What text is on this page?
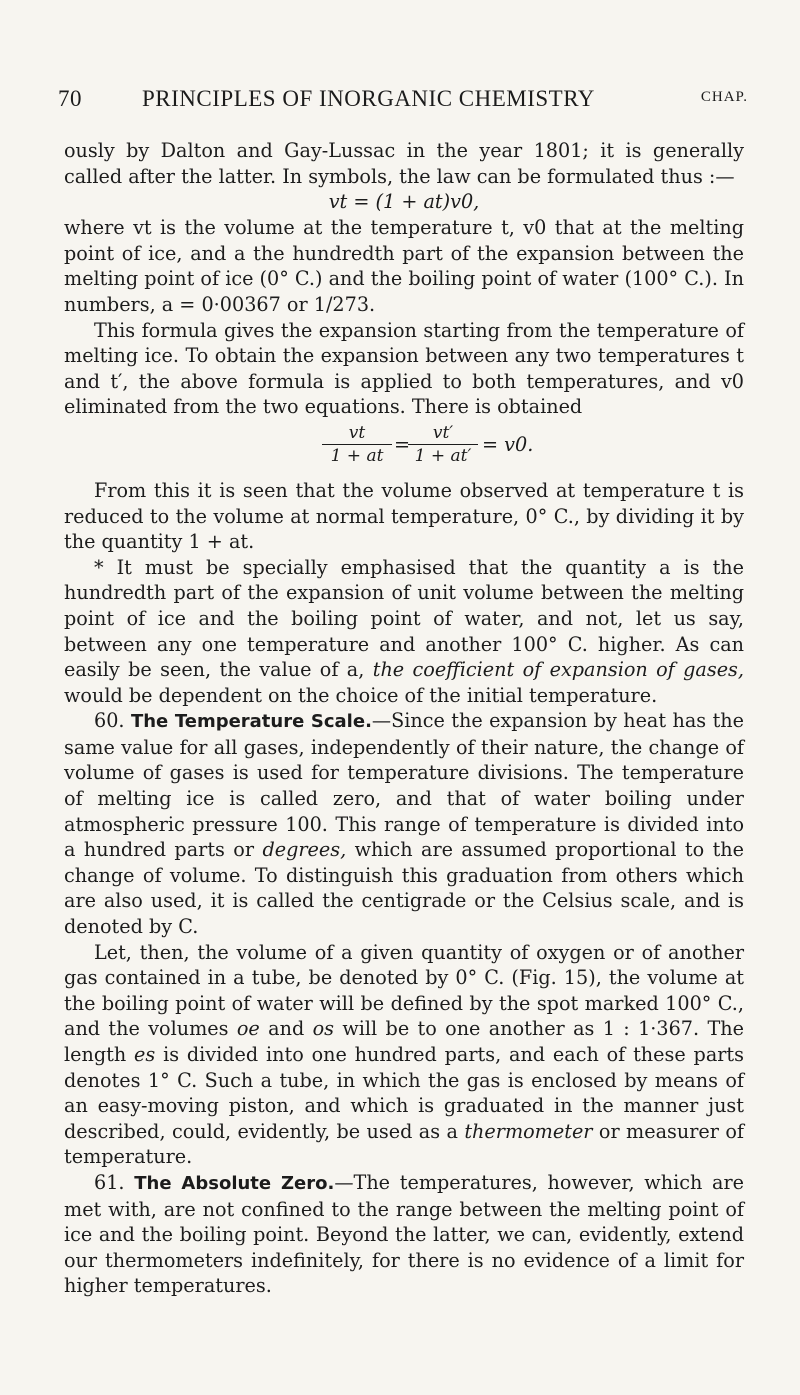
70	PRINCIPLES OF INORGANIC CHEMISTRY	CHAP.

ously by Dalton and Gay-Lussac in the year 1801; it is generally called after the latter. In symbols, the law can be formulated thus :—

vt = (1 + at)v0,

where vt is the volume at the temperature t, v0 that at the melting point of ice, and a the hundredth part of the expansion between the melting point of ice (0° C.) and the boiling point of water (100° C.). In numbers, a = 0·00367 or 1/273.

This formula gives the expansion starting from the temperature of melting ice. To obtain the expansion between any two temperatures t and t′, the above formula is applied to both temperatures, and v0 eliminated from the two equations. There is obtained

$\frac{vt}{1 + at}$ =
$\frac{vt'}{1 + at'} = v0$.

From this it is seen that the volume observed at temperature t is reduced to the volume at normal temperature, 0° C., by dividing it by the quantity 1 + at.

* It must be specially emphasised that the quantity a is the hundredth part of the expansion of unit volume between the melting point of ice and the boiling point of water, and not, let us say, between any one temperature and another 100° C. higher. As can easily be seen, the value of a, the coefficient of expansion of gases, would be dependent on the choice of the initial temperature.

60. The Temperature Scale.—Since the expansion by heat has the same value for all gases, independently of their nature, the change of volume of gases is used for temperature divisions. The temperature of melting ice is called zero, and that of water boiling under atmospheric pressure 100. This range of temperature is divided into a hundred parts or degrees, which are assumed proportional to the change of volume. To distinguish this graduation from others which are also used, it is called the centigrade or the Celsius scale, and is denoted by C.

Let, then, the volume of a given quantity of oxygen or of another gas contained in a tube, be denoted by 0° C. (Fig. 15), the volume at the boiling point of water will be defined by the spot marked 100° C., and the volumes oe and os will be to one another as 1 : 1·367. The length es is divided into one hundred parts, and each of these parts denotes 1° C. Such a tube, in which the gas is enclosed by means of an easy-moving piston, and which is graduated in the manner just described, could, evidently, be used as a thermometer or measurer of temperature.

61. The Absolute Zero.—The temperatures, however, which are met with, are not confined to the range between the melting point of ice and the boiling point. Beyond the latter, we can, evidently, extend our thermometers indefinitely, for there is no evidence of a limit for higher temperatures.
